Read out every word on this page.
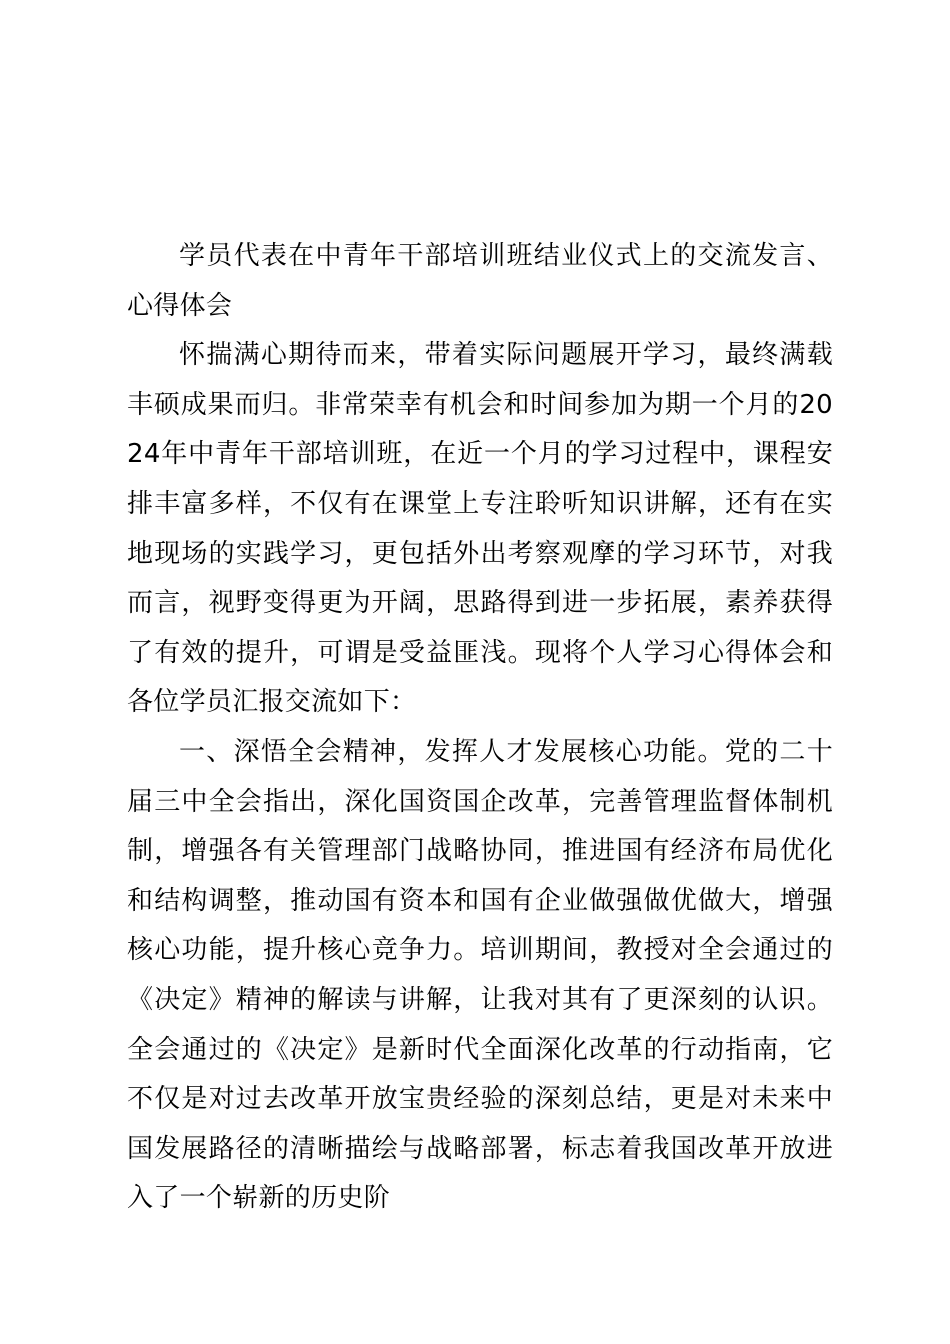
学员代表在中青年干部培训班结业仪式上的交流发言、心得体会

怀揣满心期待而来，带着实际问题展开学习，最终满载丰硕成果而归。非常荣幸有机会和时间参加为期一个月的2024年中青年干部培训班，在近一个月的学习过程中，课程安排丰富多样，不仅有在课堂上专注聆听知识讲解，还有在实地现场的实践学习，更包括外出考察观摩的学习环节，对我而言，视野变得更为开阔，思路得到进一步拓展，素养获得了有效的提升，可谓是受益匪浅。现将个人学习心得体会和各位学员汇报交流如下：

一、深悟全会精神，发挥人才发展核心功能。党的二十届三中全会指出，深化国资国企改革，完善管理监督体制机制，增强各有关管理部门战略协同，推进国有经济布局优化和结构调整，推动国有资本和国有企业做强做优做大，增强核心功能，提升核心竞争力。培训期间，教授对全会通过的《决定》精神的解读与讲解，让我对其有了更深刻的认识。全会通过的《决定》是新时代全面深化改革的行动指南，它不仅是对过去改革开放宝贵经验的深刻总结，更是对未来中国发展路径的清晰描绘与战略部署，标志着我国改革开放进入了一个崭新的历史阶
